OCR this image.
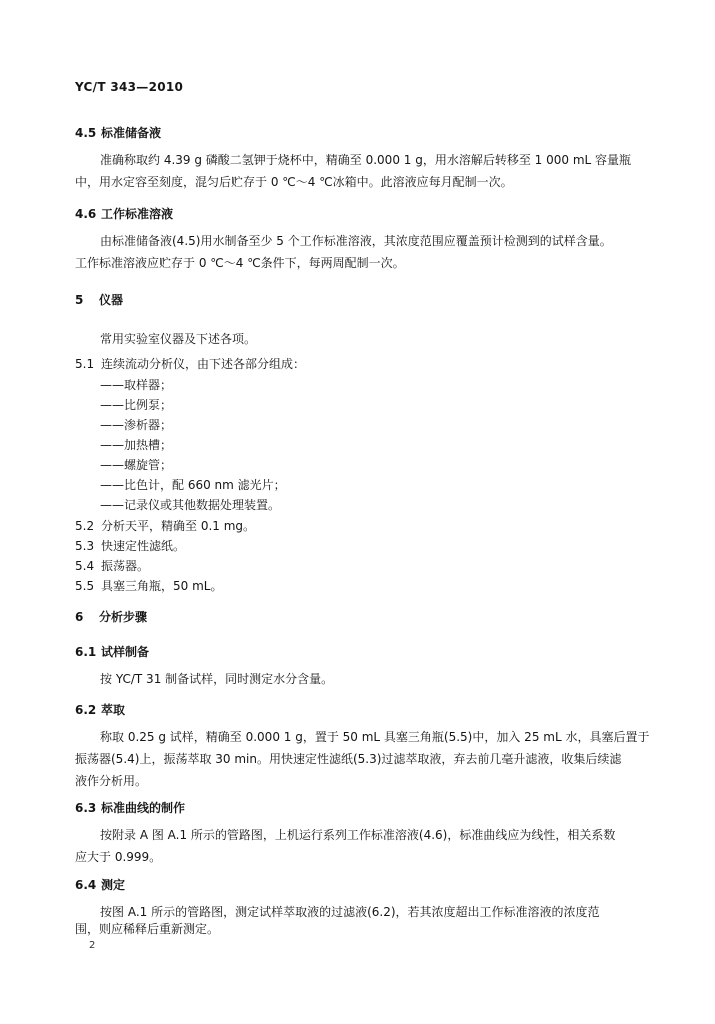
YC/T 343—2010
4.5 标准储备液
准确称取约 4.39 g 磷酸二氢钾于烧杯中，精确至 0.000 1 g，用水溶解后转移至 1 000 mL 容量瓶
中，用水定容至刻度，混匀后贮存于 0 ℃～4 ℃冰箱中。此溶液应每月配制一次。
4.6 工作标准溶液
由标准储备液(4.5)用水制备至少 5 个工作标准溶液，其浓度范围应覆盖预计检测到的试样含量。
工作标准溶液应贮存于 0 ℃～4 ℃条件下，每两周配制一次。
5 仪器
常用实验室仪器及下述各项。
5.1 连续流动分析仪，由下述各部分组成：
——取样器；
——比例泵；
——渗析器；
——加热槽；
——螺旋管；
——比色计，配 660 nm 滤光片；
——记录仪或其他数据处理装置。
5.2 分析天平，精确至 0.1 mg。
5.3 快速定性滤纸。
5.4 振荡器。
5.5 具塞三角瓶，50 mL。
6 分析步骤
6.1 试样制备
按 YC/T 31 制备试样，同时测定水分含量。
6.2 萃取
称取 0.25 g 试样，精确至 0.000 1 g，置于 50 mL 具塞三角瓶(5.5)中，加入 25 mL 水，具塞后置于
振荡器(5.4)上，振荡萃取 30 min。用快速定性滤纸(5.3)过滤萃取液，弃去前几毫升滤液，收集后续滤
液作分析用。
6.3 标准曲线的制作
按附录 A 图 A.1 所示的管路图，上机运行系列工作标准溶液(4.6)，标准曲线应为线性，相关系数
应大于 0.999。
6.4 测定
按图 A.1 所示的管路图，测定试样萃取液的过滤液(6.2)，若其浓度超出工作标准溶液的浓度范
围，则应稀释后重新测定。
2
